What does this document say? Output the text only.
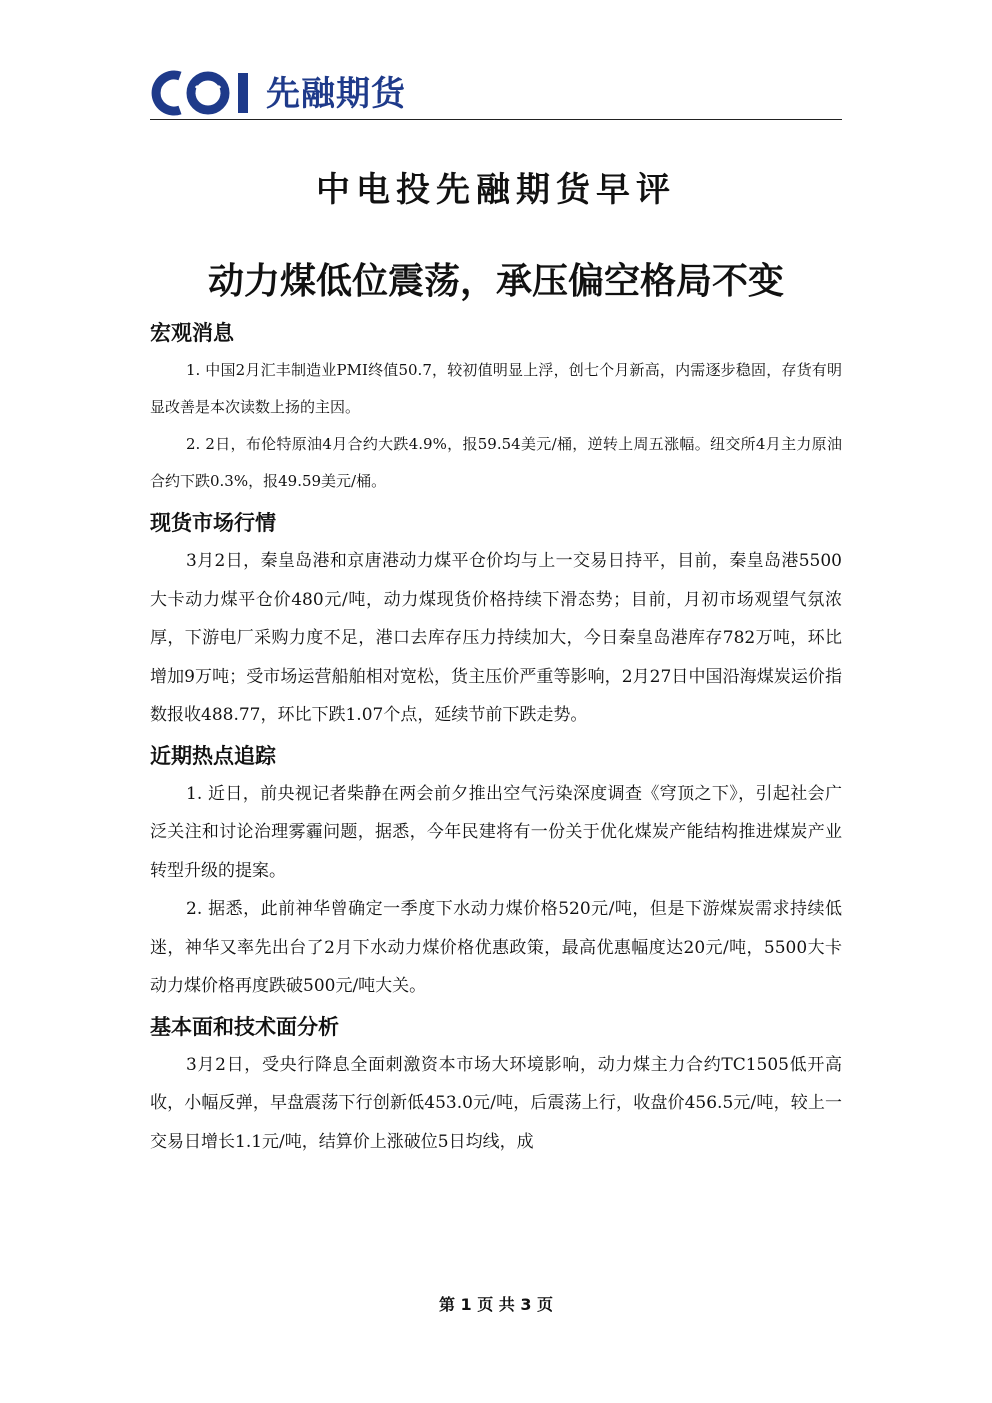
先融期货
中电投先融期货早评
动力煤低位震荡，承压偏空格局不变
宏观消息

1. 中国2月汇丰制造业PMI终值50.7，较初值明显上浮，创七个月新高，内需逐步稳固，存货有明显改善是本次读数上扬的主因。

2. 2日，布伦特原油4月合约大跌4.9%，报59.54美元/桶，逆转上周五涨幅。纽交所4月主力原油合约下跌0.3%，报49.59美元/桶。

现货市场行情

3月2日，秦皇岛港和京唐港动力煤平仓价均与上一交易日持平，目前，秦皇岛港5500大卡动力煤平仓价480元/吨，动力煤现货价格持续下滑态势；目前，月初市场观望气氛浓厚，下游电厂采购力度不足，港口去库存压力持续加大，今日秦皇岛港库存782万吨，环比增加9万吨；受市场运营船舶相对宽松，货主压价严重等影响，2月27日中国沿海煤炭运价指数报收488.77，环比下跌1.07个点，延续节前下跌走势。

近期热点追踪

1. 近日，前央视记者柴静在两会前夕推出空气污染深度调查《穹顶之下》，引起社会广泛关注和讨论治理雾霾问题，据悉，今年民建将有一份关于优化煤炭产能结构推进煤炭产业转型升级的提案。

2. 据悉，此前神华曾确定一季度下水动力煤价格520元/吨，但是下游煤炭需求持续低迷，神华又率先出台了2月下水动力煤价格优惠政策，最高优惠幅度达20元/吨，5500大卡动力煤价格再度跌破500元/吨大关。

基本面和技术面分析

3月2日，受央行降息全面刺激资本市场大环境影响，动力煤主力合约TC1505低开高收，小幅反弹，早盘震荡下行创新低453.0元/吨，后震荡上行，收盘价456.5元/吨，较上一交易日增长1.1元/吨，结算价上涨破位5日均线，成

第 1 页 共 3 页
